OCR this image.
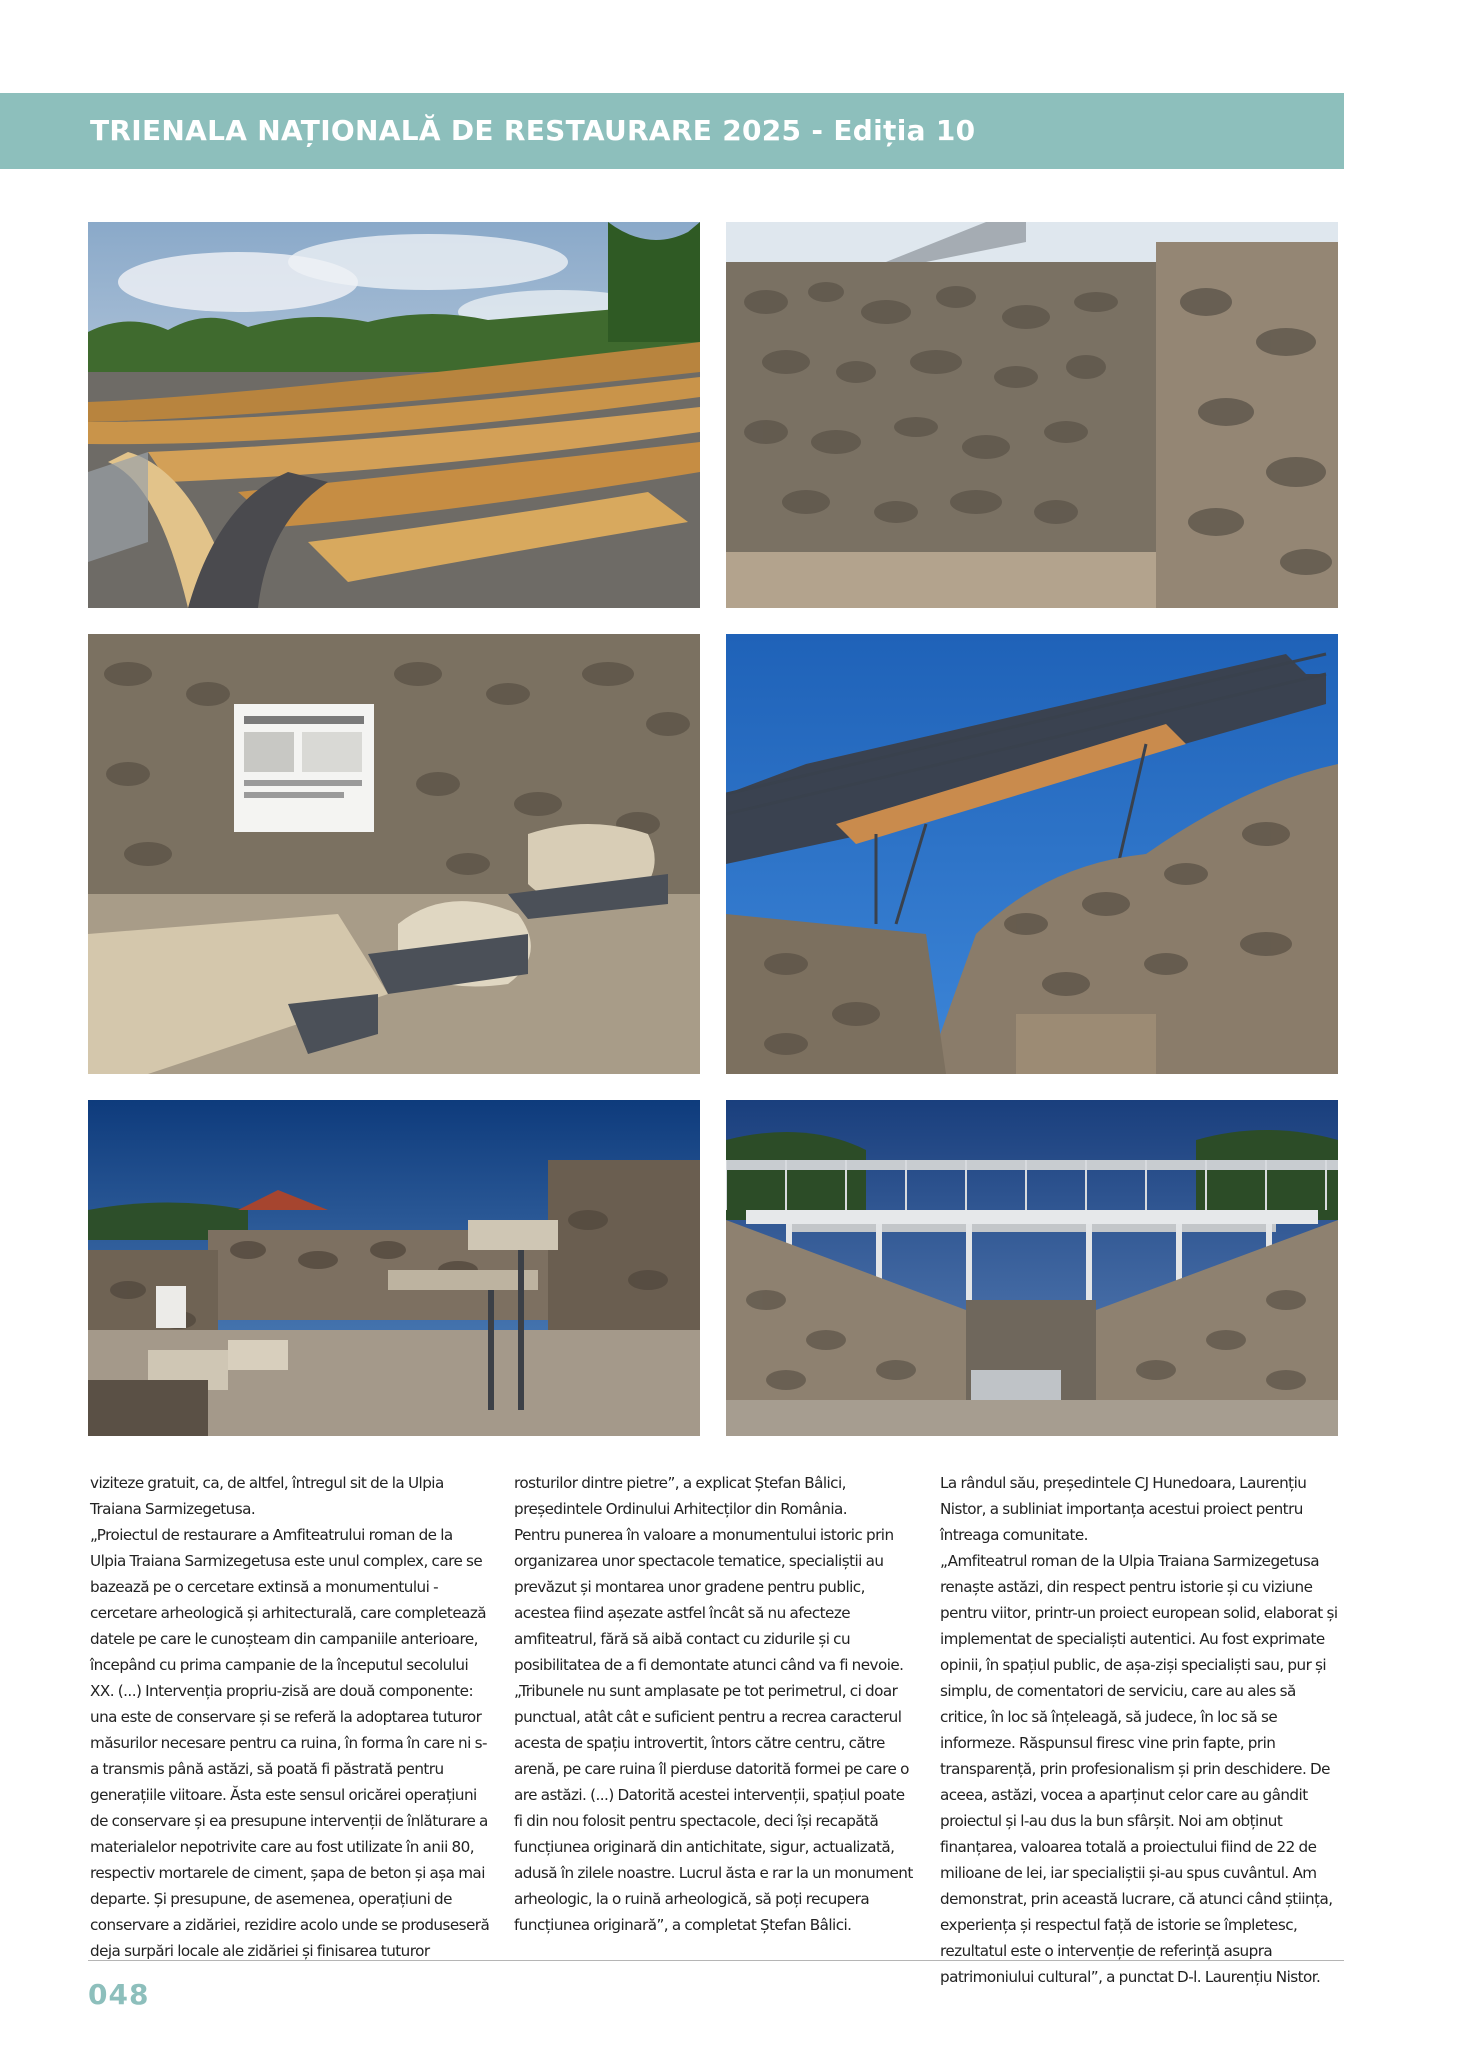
TRIENALA NAȚIONALĂ DE RESTAURARE 2025 - Ediția 10

viziteze gratuit, ca, de altfel, întregul sit de la Ulpia Traiana Sarmizegetusa.

„Proiectul de restaurare a Amfiteatrului roman de la Ulpia Traiana Sarmizegetusa este unul complex, care se bazează pe o cercetare extinsă a monumentului - cercetare arheologică și arhitecturală, care completează datele pe care le cunoșteam din campaniile anterioare, începând cu prima campanie de la începutul secolului XX. (...) Intervenția propriu-zisă are două componente: una este de conservare și se referă la adoptarea tuturor măsurilor necesare pentru ca ruina, în forma în care ni s-a transmis până astăzi, să poată fi păstrată pentru generațiile viitoare. Ăsta este sensul oricărei operațiuni de conservare și ea presupune intervenții de înlăturare a materialelor nepotrivite care au fost utilizate în anii 80, respectiv mortarele de ciment, șapa de beton și așa mai departe. Și presupune, de asemenea, operațiuni de conservare a zidăriei, rezidire acolo unde se produseseră deja surpări locale ale zidăriei și finisarea tuturor

rosturilor dintre pietre”, a explicat Ștefan Bâlici, președintele Ordinului Arhitecților din România.

Pentru punerea în valoare a monumentului istoric prin organizarea unor spectacole tematice, specialiștii au prevăzut și montarea unor gradene pentru public, acestea fiind așezate astfel încât să nu afecteze amfiteatrul, fără să aibă contact cu zidurile și cu posibilitatea de a fi demontate atunci când va fi nevoie.

„Tribunele nu sunt amplasate pe tot perimetrul, ci doar punctual, atât cât e suficient pentru a recrea caracterul acesta de spațiu introvertit, întors către centru, către arenă, pe care ruina îl pierduse datorită formei pe care o are astăzi. (...) Datorită acestei intervenții, spațiul poate fi din nou folosit pentru spectacole, deci își recapătă funcțiunea originară din antichitate, sigur, actualizată, adusă în zilele noastre. Lucrul ăsta e rar la un monument arheologic, la o ruină arheologică, să poți recupera funcțiunea originară”, a completat Ștefan Bâlici.

La rândul său, președintele CJ Hunedoara, Laurențiu Nistor, a subliniat importanța acestui proiect pentru întreaga comunitate.

„Amfiteatrul roman de la Ulpia Traiana Sarmizegetusa renaște astăzi, din respect pentru istorie și cu viziune pentru viitor, printr-un proiect european solid, elaborat și implementat de specialiști autentici. Au fost exprimate opinii, în spațiul public, de așa-ziși specialiști sau, pur și simplu, de comentatori de serviciu, care au ales să critice, în loc să înțeleagă, să judece, în loc să se informeze. Răspunsul firesc vine prin fapte, prin transparență, prin profesionalism și prin deschidere. De aceea, astăzi, vocea a aparținut celor care au gândit proiectul și l-au dus la bun sfârșit. Noi am obținut finanțarea, valoarea totală a proiectului fiind de 22 de milioane de lei, iar specialiștii și-au spus cuvântul. Am demonstrat, prin această lucrare, că atunci când știința, experiența și respectul față de istorie se împletesc, rezultatul este o intervenție de referință asupra patrimoniului cultural”, a punctat D-l. Laurențiu Nistor.

048
